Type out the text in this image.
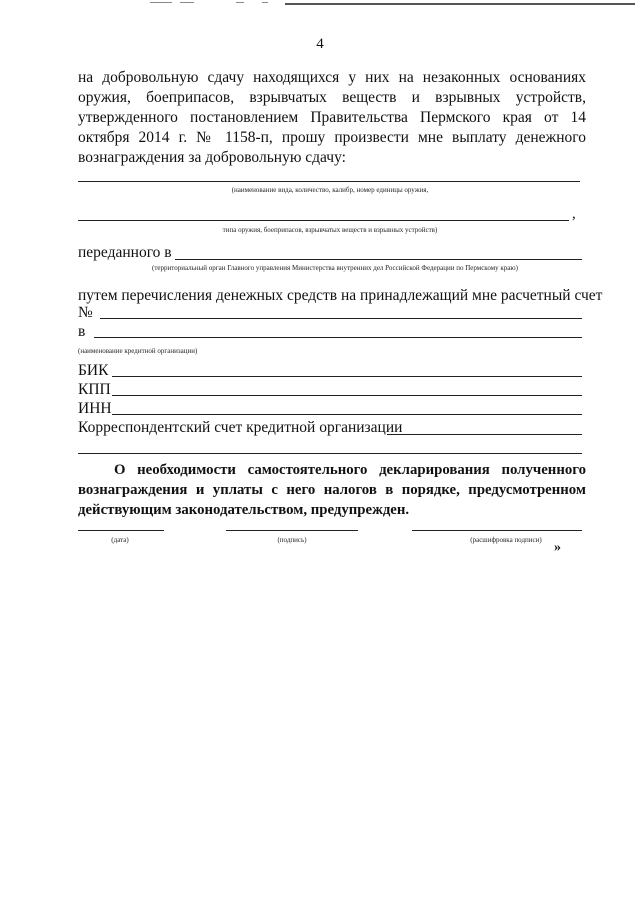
4
на добровольную сдачу находящихся у них на незаконных основаниях оружия, боеприпасов, взрывчатых веществ и взрывных устройств, утвержденного постановлением Правительства Пермского края от 14 октября 2014 г. № 1158-п, прошу произвести мне выплату денежного вознаграждения за добровольную сдачу:
(наименование вида, количество, калибр, номер единицы оружия,
,
типа оружия, боеприпасов, взрывчатых веществ и взрывных устройств)
переданного в
(территориальный орган Главного управления Министерства внутренних дел Российской Федерации по Пермскому краю)
путем перечисления денежных средств на принадлежащий мне расчетный счет
№
в
(наименование кредитной организации)
БИК
КПП
ИНН
Корреспондентский счет кредитной организации
О необходимости самостоятельного декларирования полученного вознаграждения и уплаты с него налогов в порядке, предусмотренном действующим законодательством, предупрежден.
(дата)	(подпись)	(расшифровка подписи) »
